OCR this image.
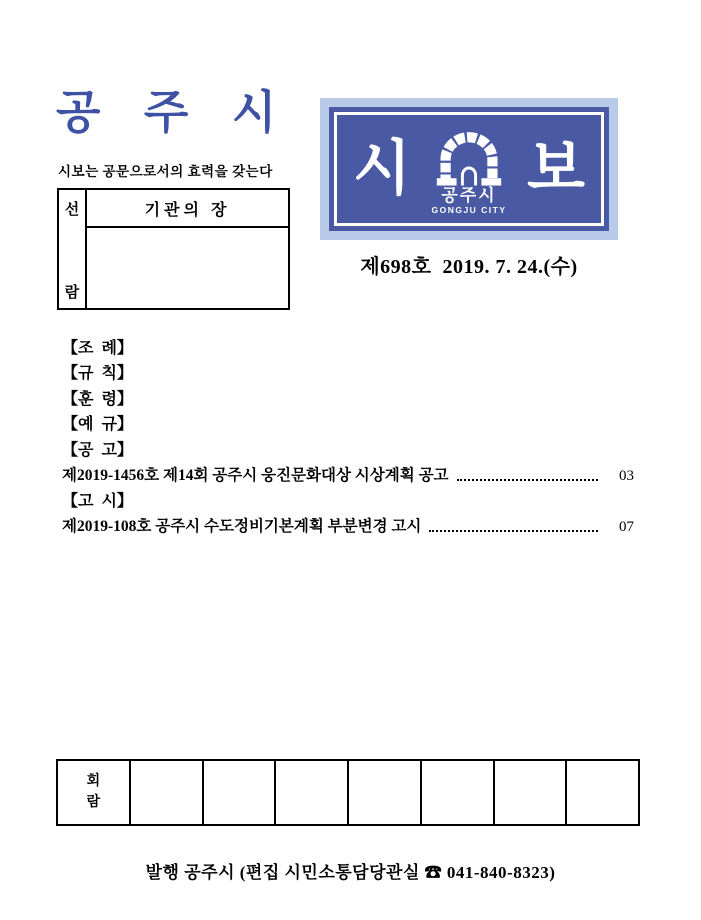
공 주 시
시보는 공문으로서의 효력을 갖는다
선
람
기관의 장
시 공주시
GONGJU CITY
보
제698호  2019. 7. 24.(수)
【조  례】
【규  칙】
【훈  령】
【예  규】
【공  고】
제2019-1456호 제14회 공주시 웅진문화대상 시상계획 공고	03
【고  시】
제2019-108호 공주시 수도정비기본계획 부분변경 고시	07
회
람
발행 공주시 (편집 시민소통담당관실 ☎ 041-840-8323)
